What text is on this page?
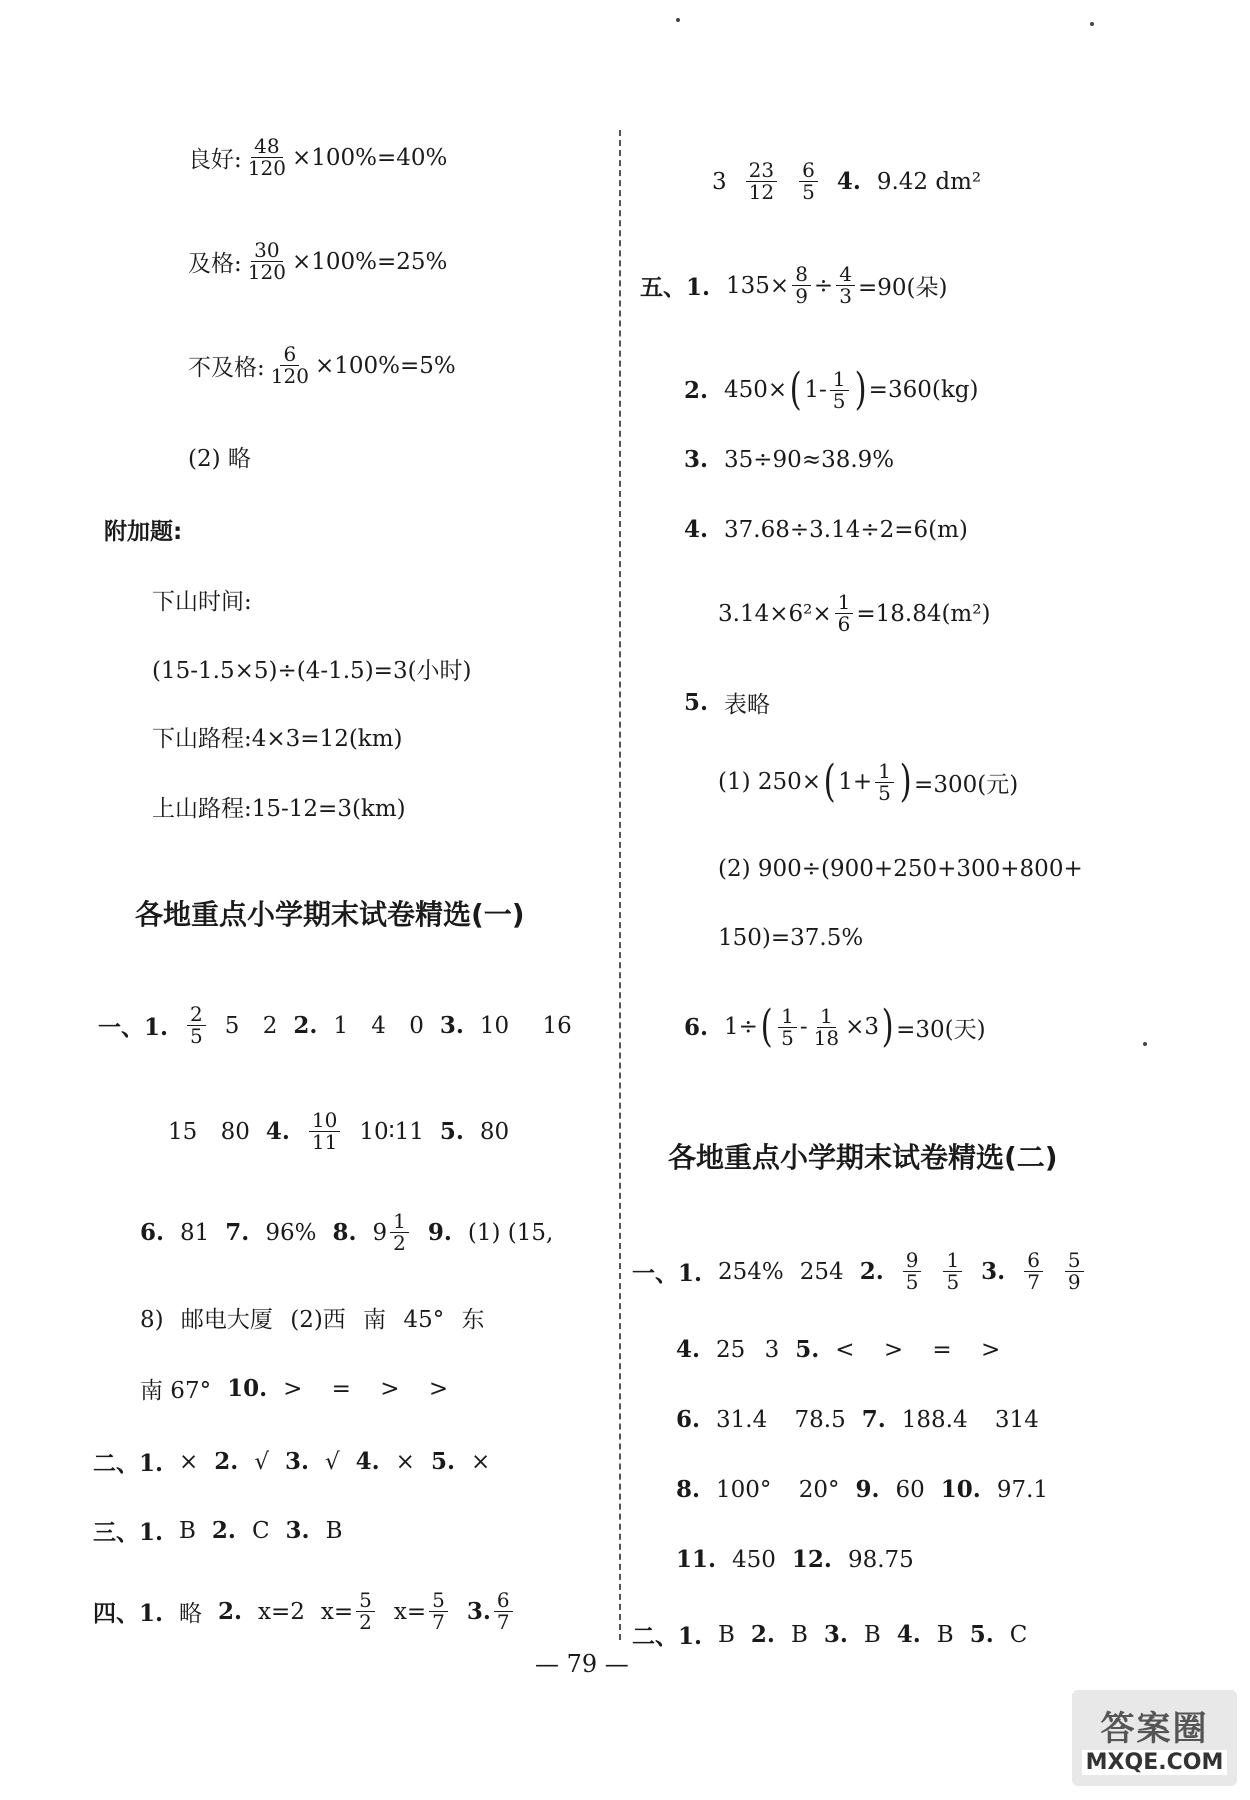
良好: $\frac{48}{120} \times 100\%=40\%$
及格: $\frac{30}{120} \times 100\%=25\%$
不及格: $\frac{6}{120} \times 100\%=5\%$
(2) 略
附加题:
下山时间:
(15-1.5×5)÷(4-1.5)=3(小时)
下山路程:4×3=12(km)
上山路程:15-12=3(km)
各地重点小学期末试卷精选(一)
一、1. $\frac{2}{5} 5$ 2 2. 1 4 0 3. 10 16
15 80 4. $\frac{10}{11}$ 10∶11 5. 80
6. 81 7. 96% 8. $9 \frac{1}{2} 9$. (1) (15,
8) 邮电大厦 (2)西 南 45° 东
南 67° 10. > = > >
二、1. × 2. √ 3. √ 4. × 5. ×
三、1. B 2. C 3. B
四、1. 略 2. x=2 $x= \frac{5}{2} x= \frac{5}{7} 3$. $\frac{6}{7}$
$3 \frac{23}{12} \frac{6}{5} 4$. 9.42 dm²
五、1. $135\times \frac{8}{9} \div \frac{4}{3} =90$(朵)
2. 450× ( $1- \frac{1}{5}$ ) =360(kg)
3. 35÷90≈38.9%
4. 37.68÷3.14÷2=6(m)
$3.14\times 6^2\times \frac{1}{6} =18.84(m^2)$
5. 表略
(1) 250× ( $1+ \frac{1}{5}$ ) =300(元)
(2) 900÷(900+250+300+800+
150)=37.5%
6. 1÷ ( $\frac{1}{5} - \frac{1}{18} \times 3$ ) =30(天)
各地重点小学期末试卷精选(二)
一、1. 254% 254 2. $\frac{9}{5} \frac{1}{5} 3$. $\frac{6}{7} \frac{5}{9}$
4. 25 3 5. < > = >
6. 31.4 78.5 7. 188.4 314
8. 100° 20° 9. 60 10. 97.1
11. 450 12. 98.75
二、1. B 2. B 3. B 4. B 5. C
— 79 —
答案圈
MXQE.COM
